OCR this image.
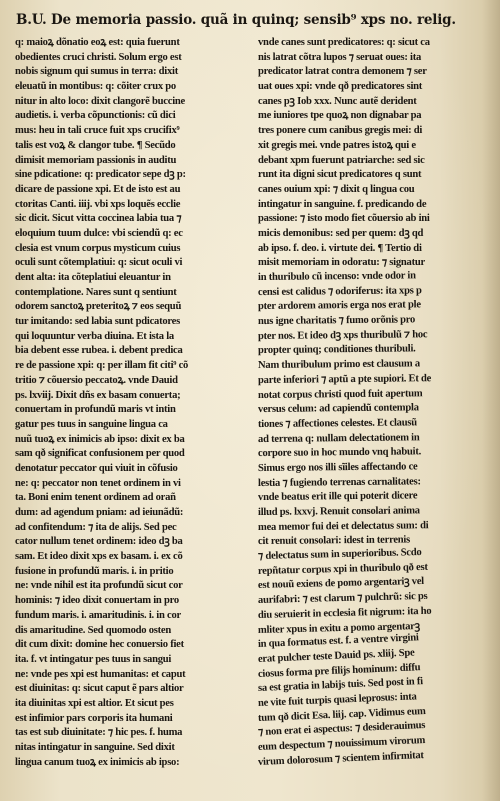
B.U. De memoria passio. quã in quinq; sensib⁹ xps no. relig.
q: maioꝝ dõnatio eoꝝ est: quia fuerunt
obedientes cruci christi. Solum ergo est
nobis signum qui sumus in terra: dixit
eleuatũ in montibus: q: cõiter crux po
nitur in alto loco: dixit clangorẽ buccine
audietis. i. verba cõpunctionis: cũ dici
mus: heu in tali cruce fuit xps crucifix⁹
talis est voꝝ & clangor tube. ¶ Secũdo
dimisit memoriam passionis in auditu
sine pdicatione: q: predicator sepe dꝫ p:
dicare de passione xpi. Et de isto est au
ctoritas Canti. iiij. vbi xps loquẽs ecclie
sic dicit. Sicut vitta coccinea labia tua ⁊
eloquium tuum dulce: vbi sciendũ q: ec
clesia est vnum corpus mysticum cuius
oculi sunt cõtemplatiui: q: sicut oculi vi
dent alta: ita cõteplatiui eleuantur in
contemplatione. Nares sunt q sentiunt
odorem sanctoꝝ preteritoꝝ ⁊ eos sequũ
tur imitando: sed labia sunt pdicatores
qui loquuntur verba diuina. Et ista la
bia debent esse rubea. i. debent predica
re de passione xpi: q: per illam fit citi⁹ cõ
tritio ⁊ cõuersio peccatoꝝ. vnde Dauid
ps. lxviij. Dixit dñs ex basam conuerta;
conuertam in profundũ maris vt intin
gatur pes tuus in sanguine lingua ca
nuũ tuoꝝ ex inimicis ab ipso: dixit ex ba
sam qð significat confusionem per quod
denotatur peccator qui viuit in cõfusio
ne: q: peccator non tenet ordinem in vi
ta. Boni enim tenent ordinem ad orañ
dum: ad agendum pniam: ad ieiunãdũ:
ad confitendum: ⁊ ita de alijs. Sed pec
cator nullum tenet ordinem: ideo dꝫ ba
sam. Et ideo dixit xps ex basam. i. ex cõ
fusione in profundũ maris. i. in pritio
ne: vnde nihil est ita profundũ sicut cor
hominis: ⁊ ideo dixit conuertam in pro
fundum maris. i. amaritudinis. i. in cor
dis amaritudine. Sed quomodo osten
dit cum dixit: domine hec conuersio fiet
ita. f. vt intingatur pes tuus in sangui
ne: vnde pes xpi est humanitas: et caput
est diuinitas: q: sicut caput ẽ pars altior
ita diuinitas xpi est altior. Et sicut pes
est infimior pars corporis ita humani
tas est sub diuinitate: ⁊ hic pes. f. huma
nitas intingatur in sanguine. Sed dixit
lingua canum tuoꝝ ex inimicis ab ipso:
vnde canes sunt predicatores: q: sicut ca
nis latrat cõtra lupos ⁊ seruat oues: ita
predicator latrat contra demonem ⁊ ser
uat oues xpi: vnde qð predicatores sint
canes pꝫ Iob xxx. Nunc autẽ derident
me iuniores tpe quoꝝ non dignabar pa
tres ponere cum canibus gregis mei: di
xit gregis mei. vnde patres istoꝝ qui e
debant xpm fuerunt patriarche: sed sic
runt ita digni sicut predicatores q sunt
canes ouium xpi: ⁊ dixit q lingua cou
intingatur in sanguine. f. predicando de
passione: ⁊ isto modo fiet cõuersio ab ini
micis demonibus: sed per quem: dꝫ qd
ab ipso. f. deo. i. virtute dei. ¶ Tertio di
misit memoriam in odoratu: ⁊ signatur
in thuribulo cũ incenso: vnde odor in
censi est calidus ⁊ odoriferus: ita xps p
pter ardorem amoris erga nos erat ple
nus igne charitatis ⁊ fumo orõnis pro
pter nos. Et ideo dꝫ xps thuribulũ ⁊ hoc
propter quinq; conditiones thuribuli.
Nam thuribulum primo est clausum a
parte inferiori ⁊ aptũ a pte supiori. Et de
notat corpus christi quod fuit apertum
versus celum: ad capiendũ contempla
tiones ⁊ affectiones celestes. Et clausũ
ad terrena q: nullam delectationem in
corpore suo in hoc mundo vnq habuit.
Simus ergo nos illi sĩiles affectando ce
lestia ⁊ fugiendo terrenas carnalitates:
vnde beatus erit ille qui poterit dicere
illud ps. lxxvj. Renuit consolari anima
mea memor fui dei et delectatus sum: di
cit renuit consolari: idest in terrenis
⁊ delectatus sum in superioribus. Scdo
repñtatur corpus xpi in thuribulo qð est
est nouũ exiens de pomo argentariꝫ vel
aurifabri: ⁊ est clarum ⁊ pulchrũ: sic ps
diu seruierit in ecclesia fit nigrum: ita ho
mliter xpus in exitu a pomo argentarꝫ
in qua formatus est. f. a ventre virgini
erat pulcher teste Dauid ps. xliij. Spe
ciosus forma pre filijs hominum: diffu
sa est gratia in labijs tuis. Sed post in fi
ne vite fuit turpis quasi leprosus: inta
tum qð dicit Esa. liij. cap. Vidimus eum
⁊ non erat ei aspectus: ⁊ desiderauimus
eum despectum ⁊ nouissimum virorum
virum dolorosum ⁊ scientem infirmitat
